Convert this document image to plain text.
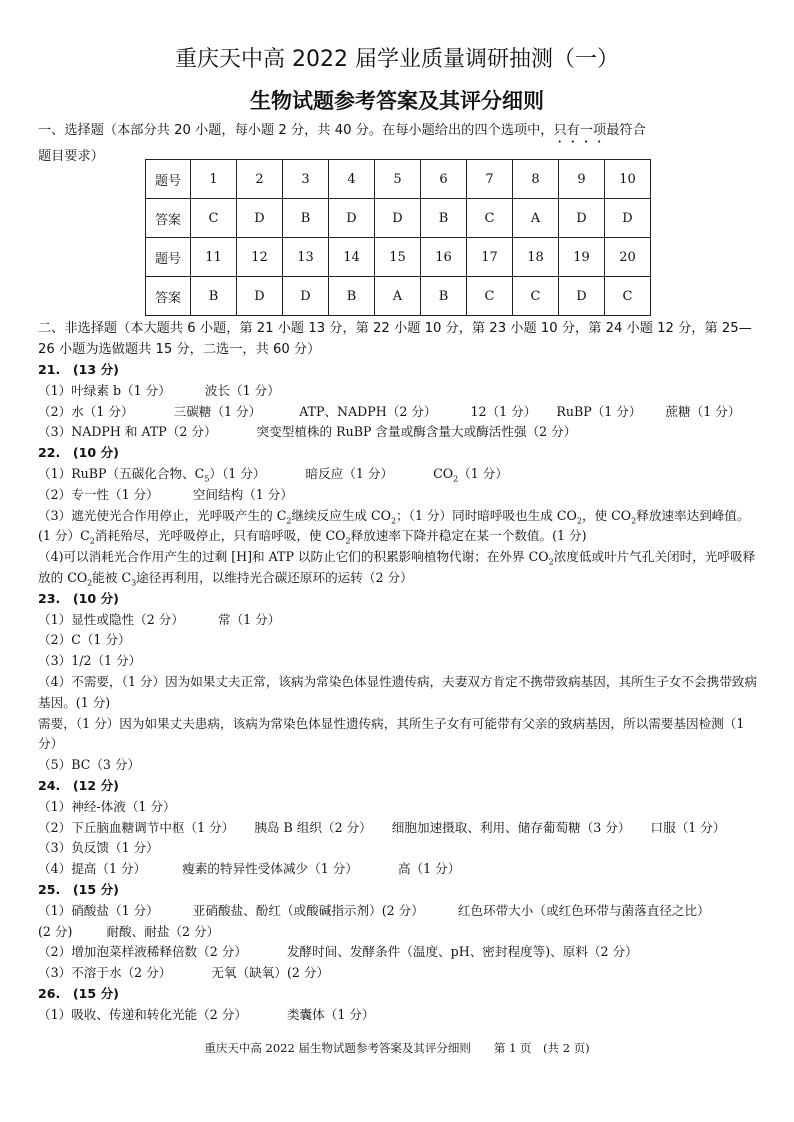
重庆天中高 2022 届学业质量调研抽测（一）
生物试题参考答案及其评分细则
一、选择题（本部分共 20 小题，每小题 2 分，共 40 分。在每小题给出的四个选项中，只有一项最符合
题目要求）
题号	1	2	3	4	5	6	7	8	9	10
答案	C	D	B	D	D	B	C	A	D	D
题号	11	12	13	14	15	16	17	18	19	20
答案	B	D	D	B	A	B	C	C	D	C
二、非选择题（本大题共 6 小题，第 21 小题 13 分，第 22 小题 10 分，第 23 小题 10 分，第 24 小题 12 分，第 25—
26 小题为选做题共 15 分，二选一，共 60 分）
21.　(13 分)
（1）叶绿素 b（1 分）	波长（1 分）
（2）水（1 分）	三碳糖（1 分）	ATP、NADPH（2 分）	12（1 分） RuBP（1 分） 蔗糖（1 分）
（3）NADPH 和 ATP（2 分）	突变型植株的 RuBP 含量或酶含量大或酶活性强（2 分）
22.　(10 分)
（1）RuBP（五碳化合物、$C_5)(1$ 分）	暗反应（1 分）	$CO_2(1$ 分）
（2）专一性（1 分）	空间结构（1 分）
（3）遮光使光合作用停止，光呼吸产生的 $C_2$继续反应生成 $CO_2$；（1 分）同时暗呼吸也生成 $CO_2$，使 $CO_2$释放速率达到峰值。(1 分）$C_2$消耗殆尽，光呼吸停止，只有暗呼吸，使 $CO_2$释放速率下降并稳定在某一个数值。(1 分)
（4)可以消耗光合作用产生的过剩 [H]和 ATP 以防止它们的积累影响植物代谢；在外界 $CO_2$浓度低或叶片气孔关闭时，光呼吸释放的 $CO_2$能被 $C_3$途径再利用，以维持光合碳还原环的运转（2 分）
23.　(10 分)
（1）显性或隐性（2 分）	常（1 分）
（2）C（1 分）
（3）1/2（1 分）
（4）不需要，（1 分）因为如果丈夫正常，该病为常染色体显性遗传病，夫妻双方肯定不携带致病基因，其所生子女不会携带致病基因。(1 分)
需要，（1 分）因为如果丈夫患病，该病为常染色体显性遗传病，其所生子女有可能带有父亲的致病基因，所以需要基因检测（1 分）
（5）BC（3 分）
24.　(12 分)
（1）神经-体液（1 分）
（2）下丘脑血糖调节中枢（1 分） 胰岛 B 组织（2 分） 细胞加速摄取、利用、储存葡萄糖（3 分） 口服（1 分）
（3）负反馈（1 分）
（4）提高（1 分）	瘦素的特异性受体减少（1 分）	高（1 分）
25.　(15 分)
（1）硝酸盐（1 分）	亚硝酸盐、酚红（或酸碱指示剂）(2 分）	红色环带大小（或红色环带与菌落直径之比）
(2 分)	耐酸、耐盐（2 分）
（2）增加泡菜样液稀释倍数（2 分）	发酵时间、发酵条件（温度、pH、密封程度等)、原料（2 分）
（3）不溶于水（2 分）	无氧（缺氧）(2 分）
26.　(15 分)
（1）吸收、传递和转化光能（2 分）	类囊体（1 分）
重庆天中高 2022 届生物试题参考答案及其评分细则　　第 1 页　(共 2 页)
